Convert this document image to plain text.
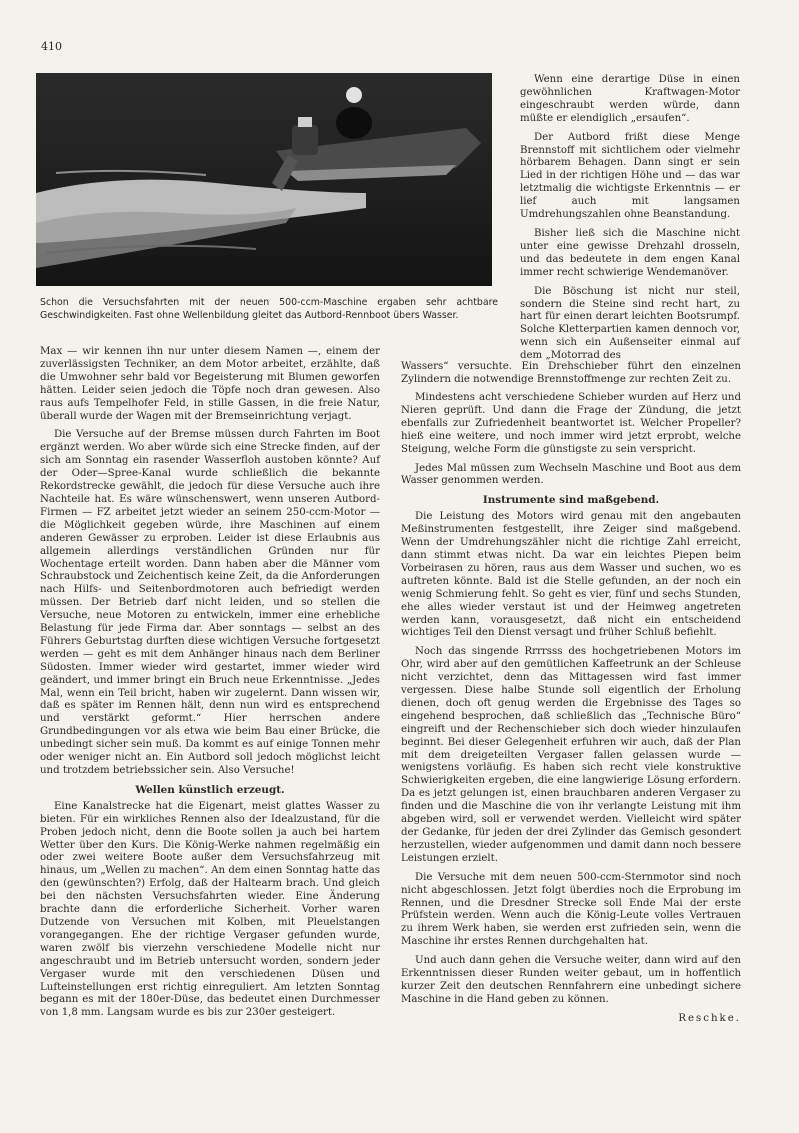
410
Schon die Versuchsfahrten mit der neuen 500-ccm-Maschine ergaben sehr achtbare Geschwindigkeiten. Fast ohne Wellenbildung gleitet das Autbord-Rennboot übers Wasser.

Wenn eine derartige Düse in einen gewöhnlichen Kraftwagen-Motor eingeschraubt werden würde, dann müßte er elendiglich „ersaufen“.

Der Autbord frißt diese Menge Brennstoff mit sichtlichem oder vielmehr hörbarem Behagen. Dann singt er sein Lied in der richtigen Höhe und — das war letztmalig die wichtigste Erkenntnis — er lief auch mit langsamen Umdrehungszahlen ohne Beanstandung.

Bisher ließ sich die Maschine nicht unter eine gewisse Drehzahl drosseln, und das bedeutete in dem engen Kanal immer recht schwierige Wendemanöver.

Die Böschung ist nicht nur steil, sondern die Steine sind recht hart, zu hart für einen derart leichten Bootsrumpf. Solche Kletterpartien kamen dennoch vor, wenn sich ein Außenseiter einmal auf dem „Motorrad des

Wassers“ versuchte. Ein Drehschieber führt den einzelnen Zylindern die notwendige Brennstoffmenge zur rechten Zeit zu.

Max — wir kennen ihn nur unter diesem Namen —, einem der zuverlässigsten Techniker, an dem Motor arbeitet, erzählte, daß die Umwohner sehr bald vor Begeisterung mit Blumen geworfen hätten. Leider seien jedoch die Töpfe noch dran gewesen. Also raus aufs Tempelhofer Feld, in stille Gassen, in die freie Natur, überall wurde der Wagen mit der Bremseinrichtung verjagt.

Die Versuche auf der Bremse müssen durch Fahrten im Boot ergänzt werden. Wo aber würde sich eine Strecke finden, auf der sich am Sonntag ein rasender Wasserfloh austoben könnte? Auf der Oder—Spree-Kanal wurde schließlich die bekannte Rekordstrecke gewählt, die jedoch für diese Versuche auch ihre Nachteile hat. Es wäre wünschenswert, wenn unseren Autbord-Firmen — FZ arbeitet jetzt wieder an seinem 250-ccm-Motor — die Möglichkeit gegeben würde, ihre Maschinen auf einem anderen Gewässer zu erproben. Leider ist diese Erlaubnis aus allgemein allerdings verständlichen Gründen nur für Wochentage erteilt worden. Dann haben aber die Männer vom Schraubstock und Zeichentisch keine Zeit, da die Anforderungen nach Hilfs- und Seitenbordmotoren auch befriedigt werden müssen. Der Betrieb darf nicht leiden, und so stellen die Versuche, neue Motoren zu entwickeln, immer eine erhebliche Belastung für jede Firma dar. Aber sonntags — selbst an des Führers Geburtstag durften diese wichtigen Versuche fortgesetzt werden — geht es mit dem Anhänger hinaus nach dem Berliner Südosten. Immer wieder wird gestartet, immer wieder wird geändert, und immer bringt ein Bruch neue Erkenntnisse. „Jedes Mal, wenn ein Teil bricht, haben wir zugelernt. Dann wissen wir, daß es später im Rennen hält, denn nun wird es entsprechend und verstärkt geformt.“ Hier herrschen andere Grundbedingungen vor als etwa wie beim Bau einer Brücke, die unbedingt sicher sein muß. Da kommt es auf einige Tonnen mehr oder weniger nicht an. Ein Autbord soll jedoch möglichst leicht und trotzdem betriebssicher sein. Also Versuche!

Wellen künstlich erzeugt.

Eine Kanalstrecke hat die Eigenart, meist glattes Wasser zu bieten. Für ein wirkliches Rennen also der Idealzustand, für die Proben jedoch nicht, denn die Boote sollen ja auch bei hartem Wetter über den Kurs. Die König-Werke nahmen regelmäßig ein oder zwei weitere Boote außer dem Versuchsfahrzeug mit hinaus, um „Wellen zu machen“. An dem einen Sonntag hatte das den (gewünschten?) Erfolg, daß der Haltearm brach. Und gleich bei den nächsten Versuchsfahrten wieder. Eine Änderung brachte dann die erforderliche Sicherheit. Vorher waren Dutzende von Versuchen mit Kolben, mit Pleuelstangen vorangegangen. Ehe der richtige Vergaser gefunden wurde, waren zwölf bis vierzehn verschiedene Modelle nicht nur angeschraubt und im Betrieb untersucht worden, sondern jeder Vergaser wurde mit den verschiedenen Düsen und Lufteinstellungen erst richtig einreguliert. Am letzten Sonntag begann es mit der 180er-Düse, das bedeutet einen Durchmesser von 1,8 mm. Langsam wurde es bis zur 230er gesteigert.

Mindestens acht verschiedene Schieber wurden auf Herz und Nieren geprüft. Und dann die Frage der Zündung, die jetzt ebenfalls zur Zufriedenheit beantwortet ist. Welcher Propeller? hieß eine weitere, und noch immer wird jetzt erprobt, welche Steigung, welche Form die günstigste zu sein verspricht.

Jedes Mal müssen zum Wechseln Maschine und Boot aus dem Wasser genommen werden.

Instrumente sind maßgebend.

Die Leistung des Motors wird genau mit den angebauten Meßinstrumenten festgestellt, ihre Zeiger sind maßgebend. Wenn der Umdrehungszähler nicht die richtige Zahl erreicht, dann stimmt etwas nicht. Da war ein leichtes Piepen beim Vorbeirasen zu hören, raus aus dem Wasser und suchen, wo es auftreten könnte. Bald ist die Stelle gefunden, an der noch ein wenig Schmierung fehlt. So geht es vier, fünf und sechs Stunden, ehe alles wieder verstaut ist und der Heimweg angetreten werden kann, vorausgesetzt, daß nicht ein entscheidend wichtiges Teil den Dienst versagt und früher Schluß befiehlt.

Noch das singende Rrrrsss des hochgetriebenen Motors im Ohr, wird aber auf den gemütlichen Kaffeetrunk an der Schleuse nicht verzichtet, denn das Mittagessen wird fast immer vergessen. Diese halbe Stunde soll eigentlich der Erholung dienen, doch oft genug werden die Ergebnisse des Tages so eingehend besprochen, daß schließlich das „Technische Büro“ eingreift und der Rechenschieber sich doch wieder hinzulaufen beginnt. Bei dieser Gelegenheit erfuhren wir auch, daß der Plan mit dem dreigeteilten Vergaser fallen gelassen wurde — wenigstens vorläufig. Es haben sich recht viele konstruktive Schwierigkeiten ergeben, die eine langwierige Lösung erfordern. Da es jetzt gelungen ist, einen brauchbaren anderen Vergaser zu finden und die Maschine die von ihr verlangte Leistung mit ihm abgeben wird, soll er verwendet werden. Vielleicht wird später der Gedanke, für jeden der drei Zylinder das Gemisch gesondert herzustellen, wieder aufgenommen und damit dann noch bessere Leistungen erzielt.

Die Versuche mit dem neuen 500-ccm-Sternmotor sind noch nicht abgeschlossen. Jetzt folgt überdies noch die Erprobung im Rennen, und die Dresdner Strecke soll Ende Mai der erste Prüfstein werden. Wenn auch die König-Leute volles Vertrauen zu ihrem Werk haben, sie werden erst zufrieden sein, wenn die Maschine ihr erstes Rennen durchgehalten hat.

Und auch dann gehen die Versuche weiter, dann wird auf den Erkenntnissen dieser Runden weiter gebaut, um in hoffentlich kurzer Zeit den deutschen Rennfahrern eine unbedingt sichere Maschine in die Hand geben zu können.

Reschke.
